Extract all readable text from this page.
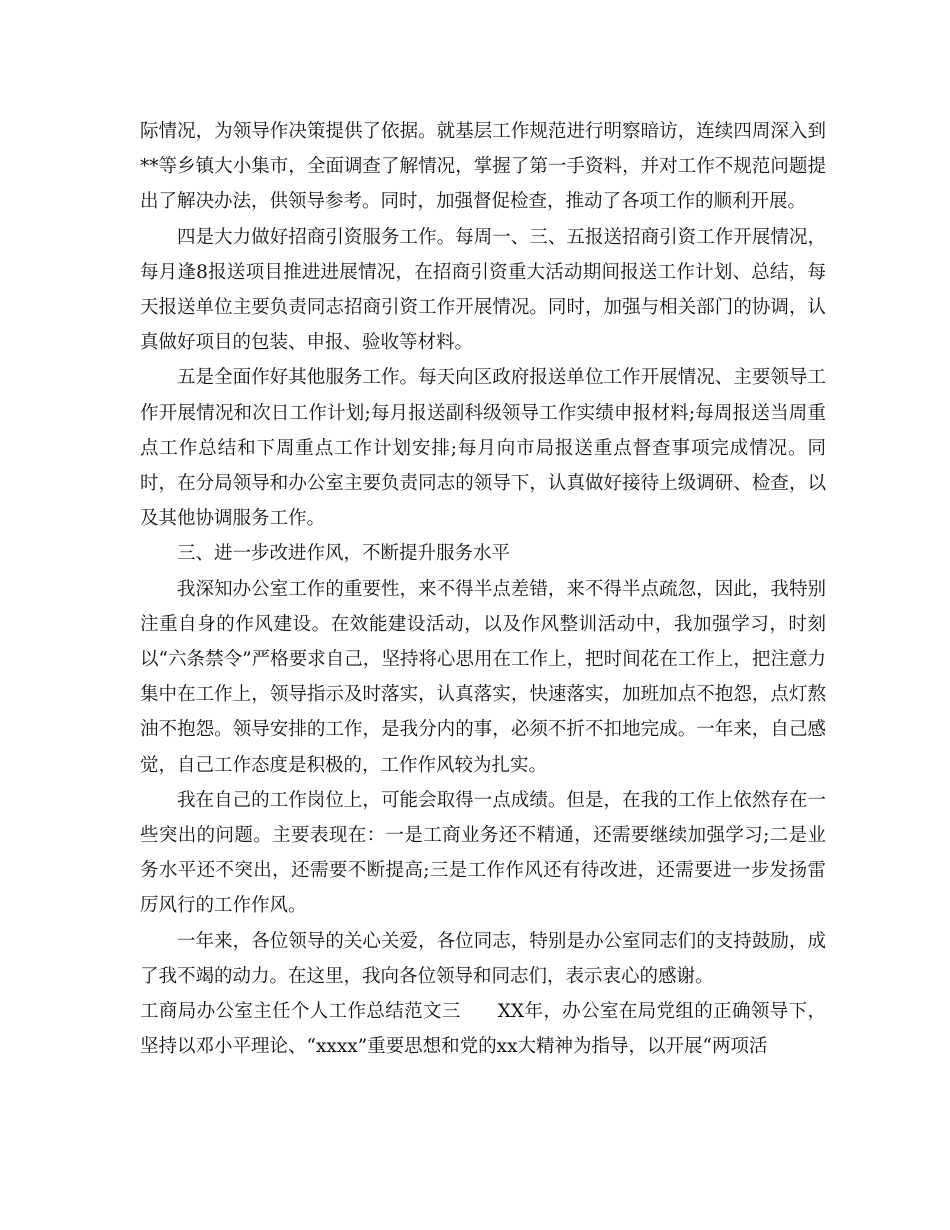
际情况，为领导作决策提供了依据。就基层工作规范进行明察暗访，连续四周深入到**等乡镇大小集市，全面调查了解情况，掌握了第一手资料，并对工作不规范问题提出了解决办法，供领导参考。同时，加强督促检查，推动了各项工作的顺利开展。

四是大力做好招商引资服务工作。每周一、三、五报送招商引资工作开展情况，每月逢8报送项目推进进展情况，在招商引资重大活动期间报送工作计划、总结，每天报送单位主要负责同志招商引资工作开展情况。同时，加强与相关部门的协调，认真做好项目的包装、申报、验收等材料。

五是全面作好其他服务工作。每天向区政府报送单位工作开展情况、主要领导工作开展情况和次日工作计划;每月报送副科级领导工作实绩申报材料;每周报送当周重点工作总结和下周重点工作计划安排;每月向市局报送重点督查事项完成情况。同时，在分局领导和办公室主要负责同志的领导下，认真做好接待上级调研、检查，以及其他协调服务工作。

三、进一步改进作风，不断提升服务水平

我深知办公室工作的重要性，来不得半点差错，来不得半点疏忽，因此，我特别注重自身的作风建设。在效能建设活动，以及作风整训活动中，我加强学习，时刻以“六条禁令”严格要求自己，坚持将心思用在工作上，把时间花在工作上，把注意力集中在工作上，领导指示及时落实，认真落实，快速落实，加班加点不抱怨，点灯熬油不抱怨。领导安排的工作，是我分内的事，必须不折不扣地完成。一年来，自己感觉，自己工作态度是积极的，工作作风较为扎实。

我在自己的工作岗位上，可能会取得一点成绩。但是，在我的工作上依然存在一些突出的问题。主要表现在：一是工商业务还不精通，还需要继续加强学习;二是业务水平还不突出，还需要不断提高;三是工作作风还有待改进，还需要进一步发扬雷厉风行的工作作风。

一年来，各位领导的关心关爱，各位同志，特别是办公室同志们的支持鼓励，成了我不竭的动力。在这里，我向各位领导和同志们，表示衷心的感谢。

工商局办公室主任个人工作总结范文三 XX年，办公室在局党组的正确领导下，坚持以邓小平理论、“xxxx”重要思想和党的xx大精神为指导，以开展“两项活
